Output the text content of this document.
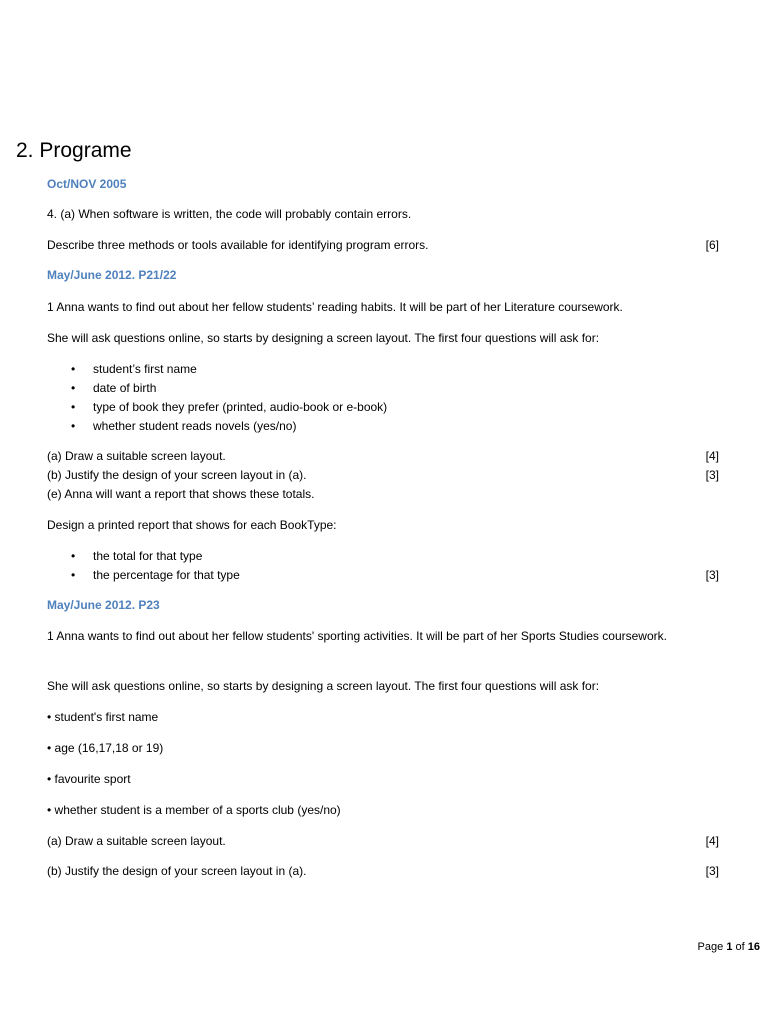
2. Programe
Oct/NOV 2005
4. (a) When software is written, the code will probably contain errors.
Describe three methods or tools available for identifying program errors.	[6]
May/June 2012. P21/22
1 Anna wants to find out about her fellow students’ reading habits. It will be part of her Literature coursework.
She will ask questions online, so starts by designing a screen layout. The first four questions will ask for:
• student’s first name
• date of birth
• type of book they prefer (printed, audio-book or e-book)
• whether student reads novels (yes/no)
(a) Draw a suitable screen layout.	[4]
(b) Justify the design of your screen layout in (a).	[3]
(e) Anna will want a report that shows these totals.
Design a printed report that shows for each BookType:
• the total for that type
• the percentage for that type	[3]
May/June 2012. P23
1 Anna wants to find out about her fellow students' sporting activities. It will be part of her Sports Studies coursework.
She will ask questions online, so starts by designing a screen layout. The first four questions will ask for:
• student's first name
• age (16,17,18 or 19)
• favourite sport
• whether student is a member of a sports club (yes/no)
(a) Draw a suitable screen layout.	[4]
(b) Justify the design of your screen layout in (a).	[3]
Page 1 of 16
